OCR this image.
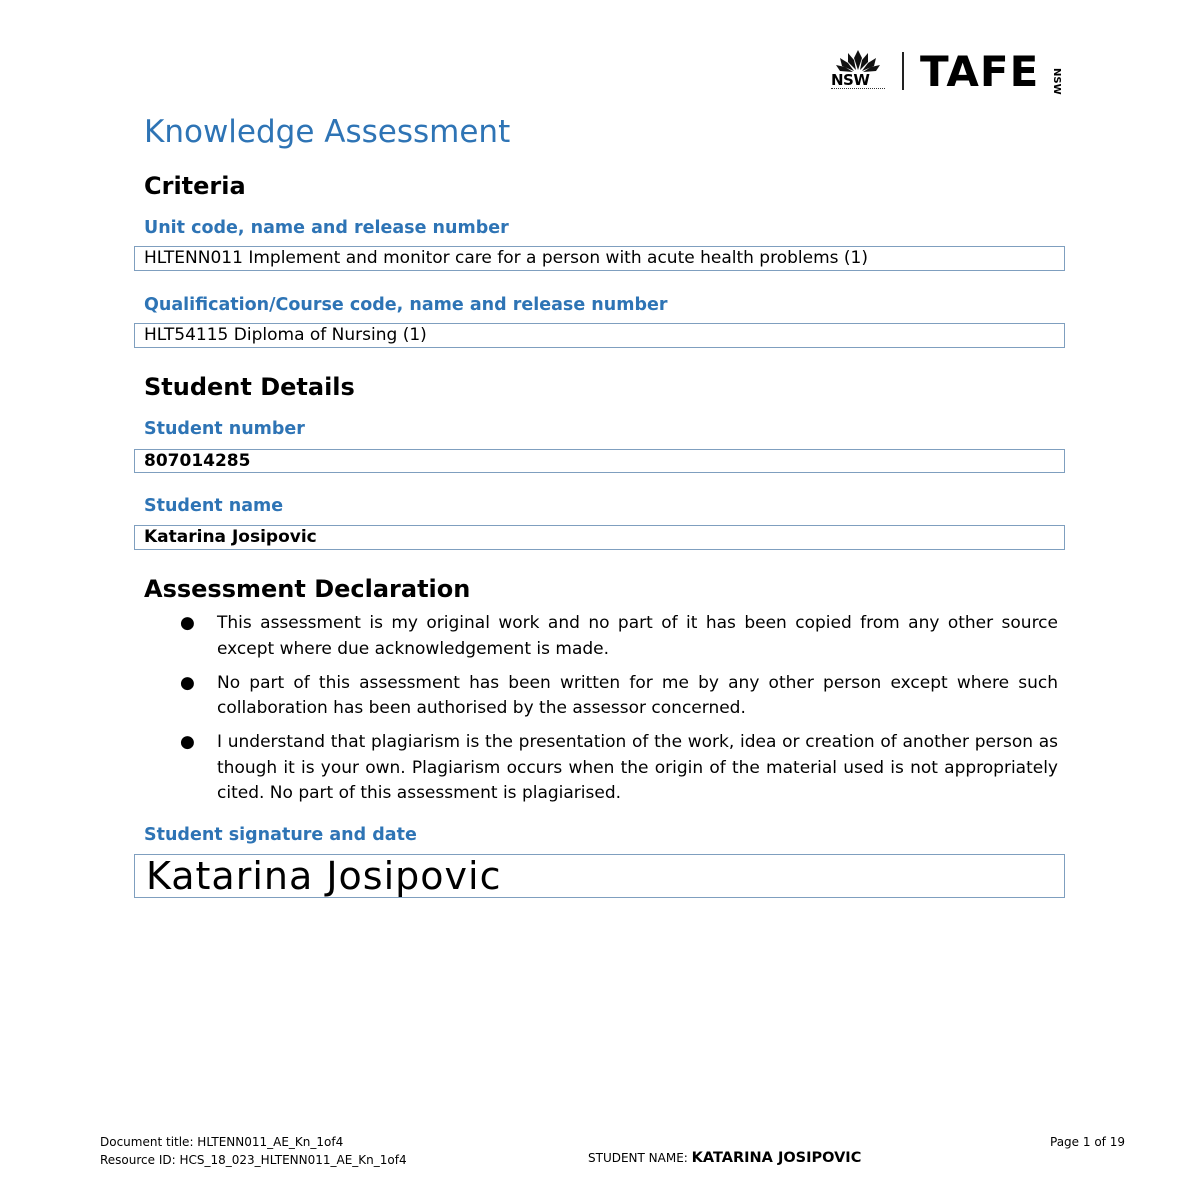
NSW TAFE NSW
Knowledge Assessment
Criteria
Unit code, name and release number
HLTENN011 Implement and monitor care for a person with acute health problems (1)
Qualification/Course code, name and release number
HLT54115 Diploma of Nursing (1)
Student Details
Student number
807014285
Student name
Katarina Josipovic
Assessment Declaration
● This assessment is my original work and no part of it has been copied from any other source except where due acknowledgement is made.
● No part of this assessment has been written for me by any other person except where such collaboration has been authorised by the assessor concerned.
● I understand that plagiarism is the presentation of the work, idea or creation of another person as though it is your own. Plagiarism occurs when the origin of the material used is not appropriately cited. No part of this assessment is plagiarised.
Student signature and date
Katarina Josipovic
Document title: HLTENN011_AE_Kn_1of4
Resource ID: HCS_18_023_HLTENN011_AE_Kn_1of4	STUDENT NAME: KATARINA JOSIPOVIC
Page 1 of 19
